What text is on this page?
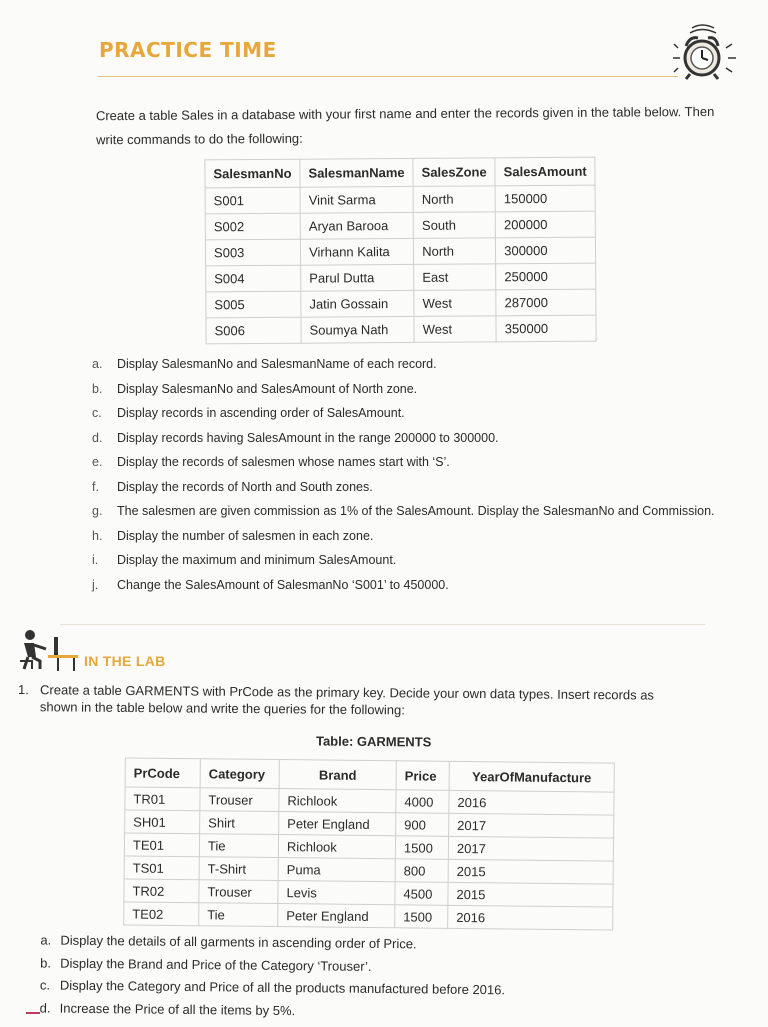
PRACTICE TIME
Create a table Sales in a database with your first name and enter the records given in the table below. Then write commands to do the following:
SalesmanNo	SalesmanName	SalesZone	SalesAmount
S001	Vinit Sarma	North	150000
S002	Aryan Barooa	South	200000
S003	Virhann Kalita	North	300000
S004	Parul Dutta	East	250000
S005	Jatin Gossain	West	287000
S006	Soumya Nath	West	350000
a. Display SalesmanNo and SalesmanName of each record.
b. Display SalesmanNo and SalesAmount of North zone.
c. Display records in ascending order of SalesAmount.
d. Display records having SalesAmount in the range 200000 to 300000.
e. Display the records of salesmen whose names start with ‘S’.
f. Display the records of North and South zones.
g. The salesmen are given commission as 1% of the SalesAmount. Display the SalesmanNo and Commission.
h. Display the number of salesmen in each zone.
i. Display the maximum and minimum SalesAmount.
j. Change the SalesAmount of SalesmanNo ‘S001’ to 450000.
IN THE LAB
1. Create a table GARMENTS with PrCode as the primary key. Decide your own data types. Insert records as
shown in the table below and write the queries for the following:
Table: GARMENTS
PrCode	Category	Brand	Price	YearOfManufacture
TR01	Trouser	Richlook	4000	2016
SH01	Shirt	Peter England	900	2017
TE01	Tie	Richlook	1500	2017
TS01	T-Shirt	Puma	800	2015
TR02	Trouser	Levis	4500	2015
TE02	Tie	Peter England	1500	2016
a. Display the details of all garments in ascending order of Price.
b. Display the Brand and Price of the Category ‘Trouser’.
c. Display the Category and Price of all the products manufactured before 2016.
d. Increase the Price of all the items by 5%.
